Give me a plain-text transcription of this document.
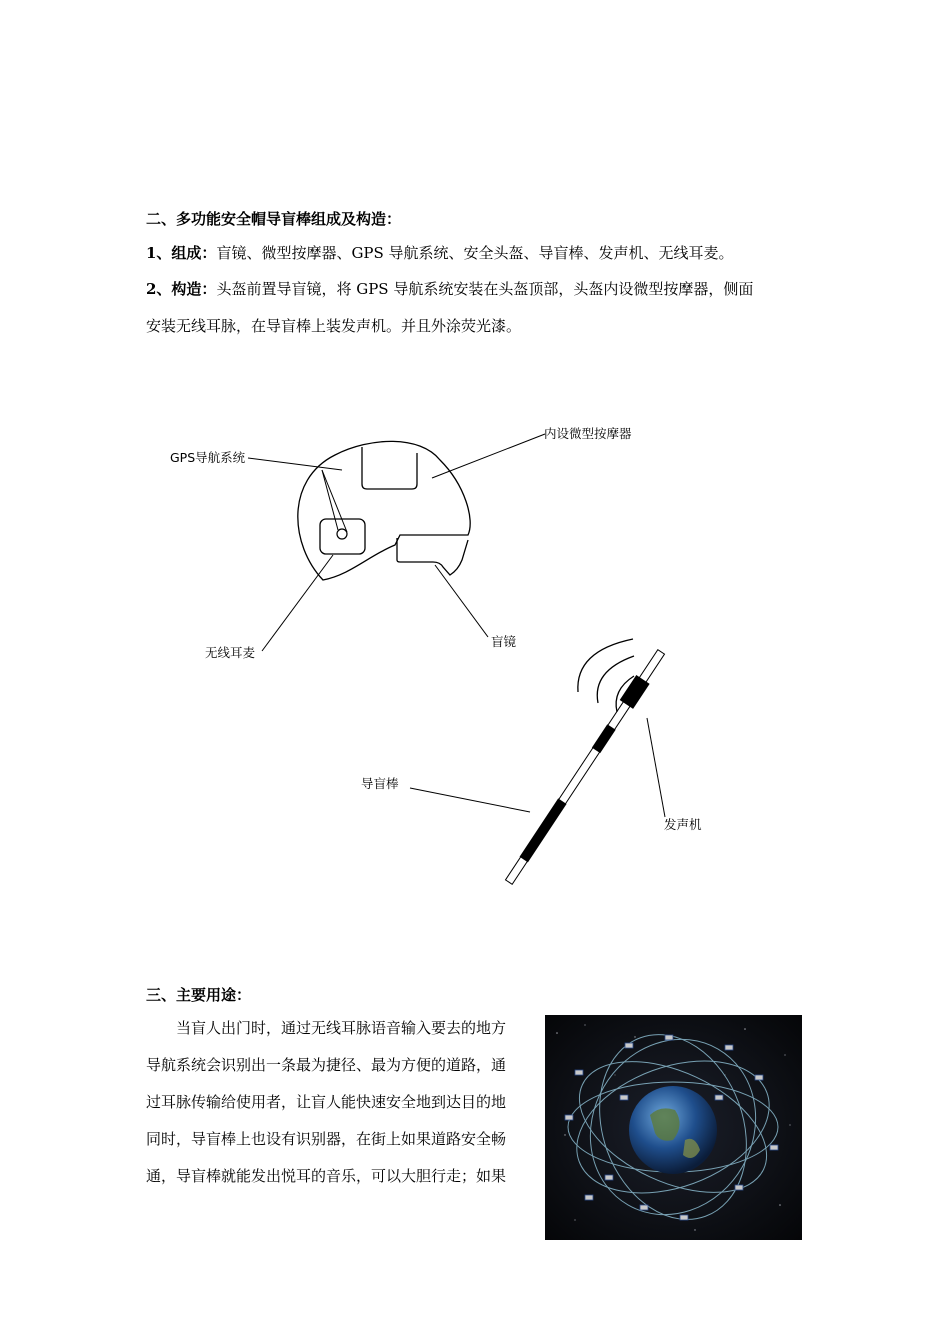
二、多功能安全帽导盲棒组成及构造：
1、组成：盲镜、微型按摩器、GPS 导航系统、安全头盔、导盲棒、发声机、无线耳麦。
2、构造：头盔前置导盲镜，将 GPS 导航系统安装在头盔顶部，头盔内设微型按摩器，侧面
安装无线耳脉，在导盲棒上装发声机。并且外涂荧光漆。
GPS导航系统
内设微型按摩器
无线耳麦
盲镜
导盲棒
发声机
三、主要用途：
当盲人出门时，通过无线耳脉语音输入要去的地方
导航系统会识别出一条最为捷径、最为方便的道路，通
过耳脉传输给使用者，让盲人能快速安全地到达目的地
同时，导盲棒上也设有识别器，在街上如果道路安全畅
通，导盲棒就能发出悦耳的音乐，可以大胆行走；如果
